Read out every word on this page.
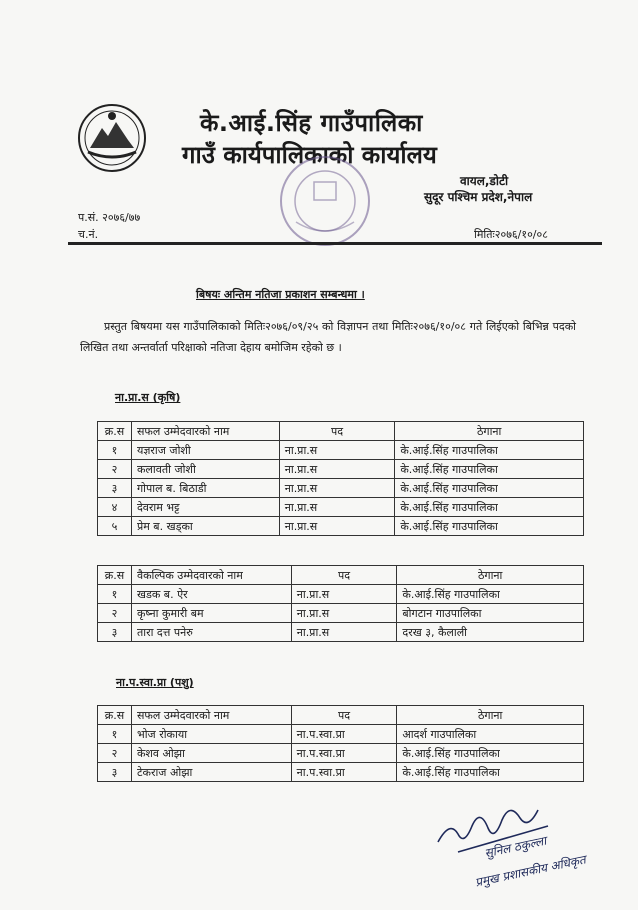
के.आई.सिंह गाउँपालिका
गाउँ कार्यपालिकाको कार्यालय
वायल,डोटी
सुदूर पश्चिम प्रदेश,नेपाल
प.सं. २०७६/७७
च.नं.	मितिः२०७६/१०/०८
बिषयः अन्तिम नतिजा प्रकाशन सम्बन्धमा ।
प्रस्तुत बिषयमा यस गाउँपालिकाको मितिः२०७६/०९/२५ को विज्ञापन तथा मितिः२०७६/१०/०८ गते लिईएको बिभिन्न पदको लिखित तथा अन्तर्वार्ता परिक्षाको नतिजा देहाय बमोजिम रहेको छ ।
ना.प्रा.स (कृषि)
क्र.स	सफल उम्मेदवारको नाम	पद	ठेगाना
१	यज्ञराज जोशी	ना.प्रा.स	के.आई.सिंह गाउपालिका
२	कलावती जोशी	ना.प्रा.स	के.आई.सिंह गाउपालिका
३	गोपाल ब. बिठाडी	ना.प्रा.स	के.आई.सिंह गाउपालिका
४	देवराम भट्ट	ना.प्रा.स	के.आई.सिंह गाउपालिका
५	प्रेम ब. खड्का	ना.प्रा.स	के.आई.सिंह गाउपालिका
क्र.स	वैकल्पिक उम्मेदवारको नाम	पद	ठेगाना
१	खडक ब. ऐर	ना.प्रा.स	के.आई.सिंह गाउपालिका
२	कृष्ना कुमारी बम	ना.प्रा.स	बोगटान गाउपालिका
३	तारा दत्त पनेरु	ना.प्रा.स	दरख ३, कैलाली
ना.प.स्वा.प्रा (पशु)
क्र.स	सफल उम्मेदवारको नाम	पद	ठेगाना
१	भोज रोकाया	ना.प.स्वा.प्रा	आदर्श गाउपालिका
२	केशव ओझा	ना.प.स्वा.प्रा	के.आई.सिंह गाउपालिका
३	टेकराज ओझा	ना.प.स्वा.प्रा	के.आई.सिंह गाउपालिका
सुनिल ठकुल्ला
प्रमुख प्रशासकीय अधिकृत
